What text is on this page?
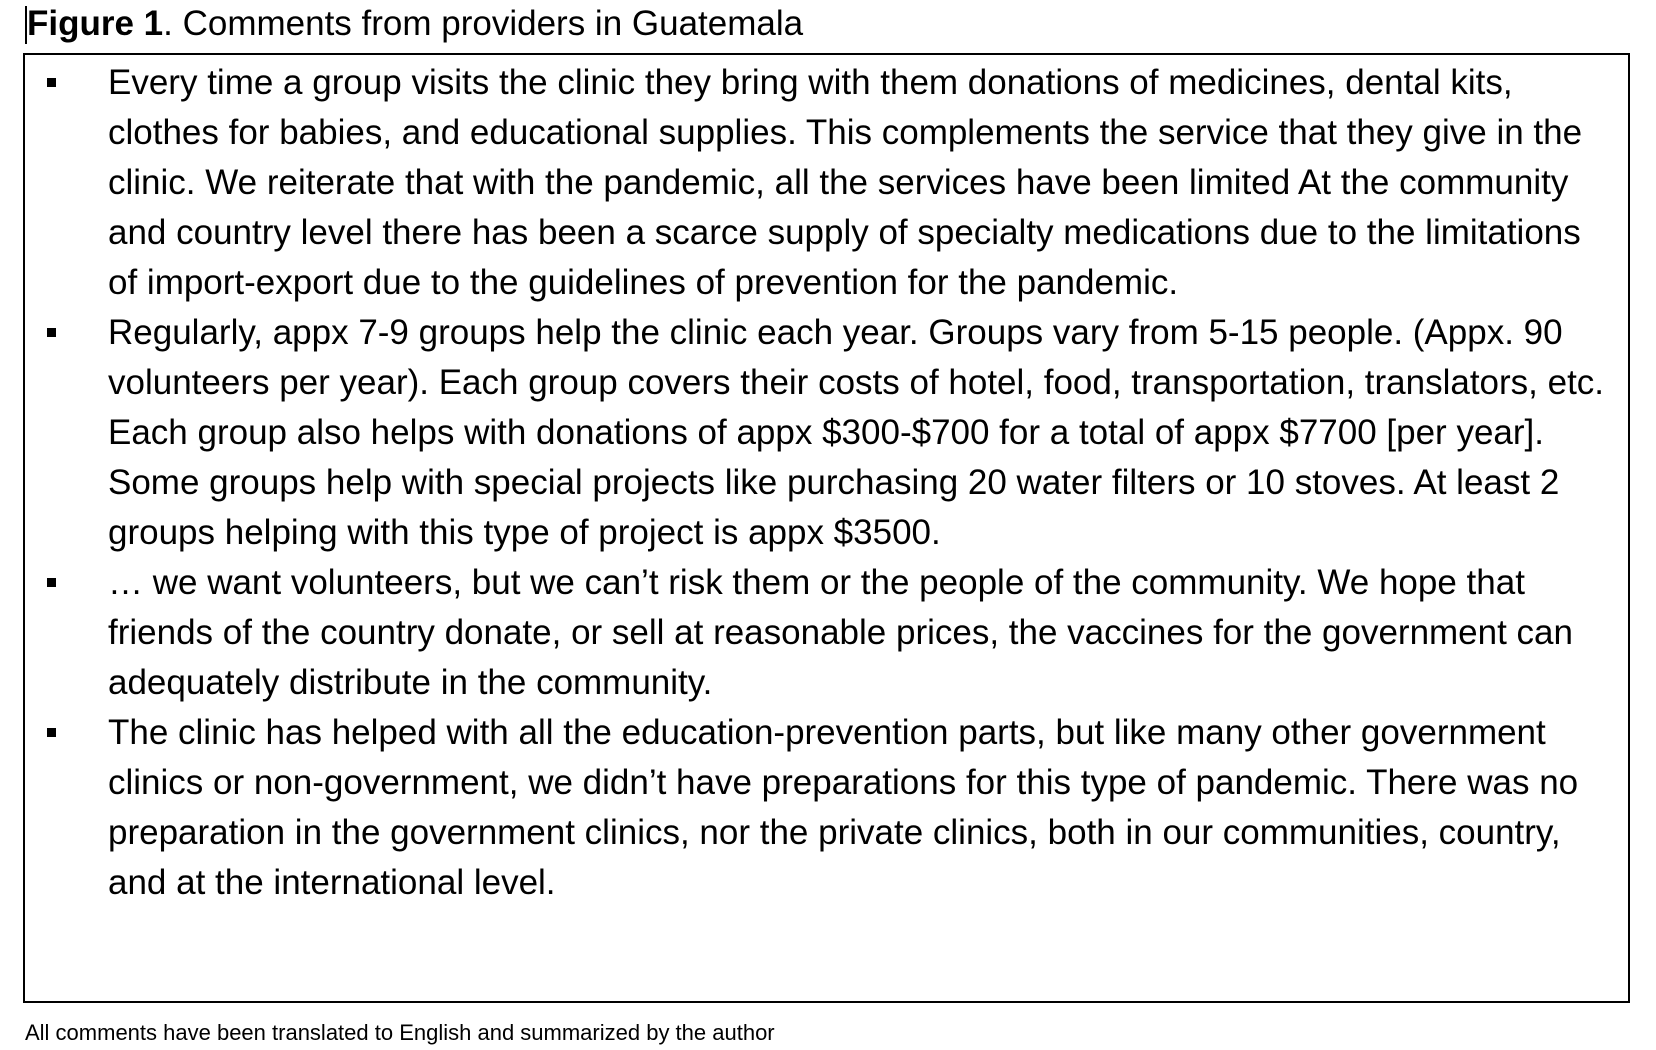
Figure 1. Comments from providers in Guatemala
Every time a group visits the clinic they bring with them donations of medicines, dental kits, clothes for babies, and educational supplies. This complements the service that they give in the clinic. We reiterate that with the pandemic, all the services have been limited At the community and country level there has been a scarce supply of specialty medications due to the limitations of import-export due to the guidelines of prevention for the pandemic.
Regularly, appx 7-9 groups help the clinic each year. Groups vary from 5-15 people. (Appx. 90 volunteers per year). Each group covers their costs of hotel, food, transportation, translators, etc. Each group also helps with donations of appx $300-$700 for a total of appx $7700 [per year]. Some groups help with special projects like purchasing 20 water filters or 10 stoves. At least 2 groups helping with this type of project is appx $3500.
… we want volunteers, but we can’t risk them or the people of the community. We hope that friends of the country donate, or sell at reasonable prices, the vaccines for the government can adequately distribute in the community.
The clinic has helped with all the education-prevention parts, but like many other government clinics or non-government, we didn’t have preparations for this type of pandemic. There was no preparation in the government clinics, nor the private clinics, both in our communities, country, and at the international level.
All comments have been translated to English and summarized by the author
